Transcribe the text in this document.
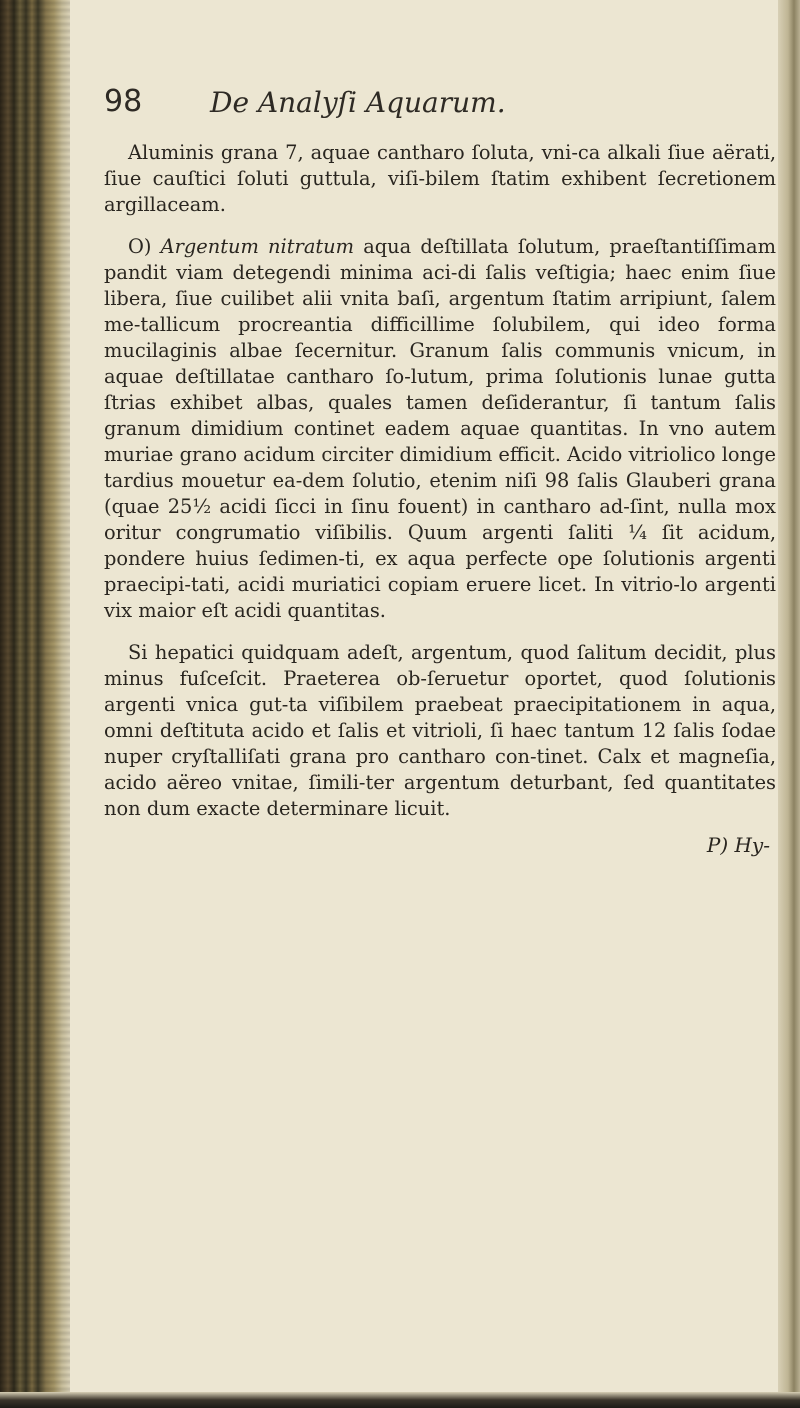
98 De Analyſi Aquarum.

Aluminis grana 7, aquae cantharo ſoluta, vni-ca alkali ſiue aërati, ſiue cauſtici ſoluti guttula, viſi-bilem ſtatim exhibent ſecretionem argillaceam.

O) Argentum nitratum aqua deſtillata ſolutum, praeſtantiſſimam pandit viam detegendi minima aci-di ſalis veſtigia; haec enim ſiue libera, ſiue cuilibet alii vnita baſi, argentum ſtatim arripiunt, ſalem me-tallicum procreantia difficillime ſolubilem, qui ideo forma mucilaginis albae ſecernitur. Granum ſalis communis vnicum, in aquae deſtillatae cantharo ſo-lutum, prima ſolutionis lunae gutta ſtrias exhibet albas, quales tamen deſiderantur, ſi tantum ſalis granum dimidium continet eadem aquae quantitas. In vno autem muriae grano acidum circiter dimidium efficit. Acido vitriolico longe tardius mouetur ea-dem ſolutio, etenim niſi 98 ſalis Glauberi grana (quae 25½ acidi ſicci in ſinu fouent) in cantharo ad-ſint, nulla mox oritur congrumatio viſibilis. Quum argenti ſaliti ¼ ſit acidum, pondere huius ſedimen-ti, ex aqua perfecte ope ſolutionis argenti praecipi-tati, acidi muriatici copiam eruere licet. In vitrio-lo argenti vix maior eſt acidi quantitas.

Si hepatici quidquam adeſt, argentum, quod ſalitum decidit, plus minus fuſceſcit. Praeterea ob-ſeruetur oportet, quod ſolutionis argenti vnica gut-ta viſibilem praebeat praecipitationem in aqua, omni deſtituta acido et ſalis et vitrioli, ſi haec tantum 12 ſalis ſodae nuper cryſtalliſati grana pro cantharo con-tinet. Calx et magneſia, acido aëreo vnitae, ſimili-ter argentum deturbant, ſed quantitates non dum exacte determinare licuit.

P) Hy-
